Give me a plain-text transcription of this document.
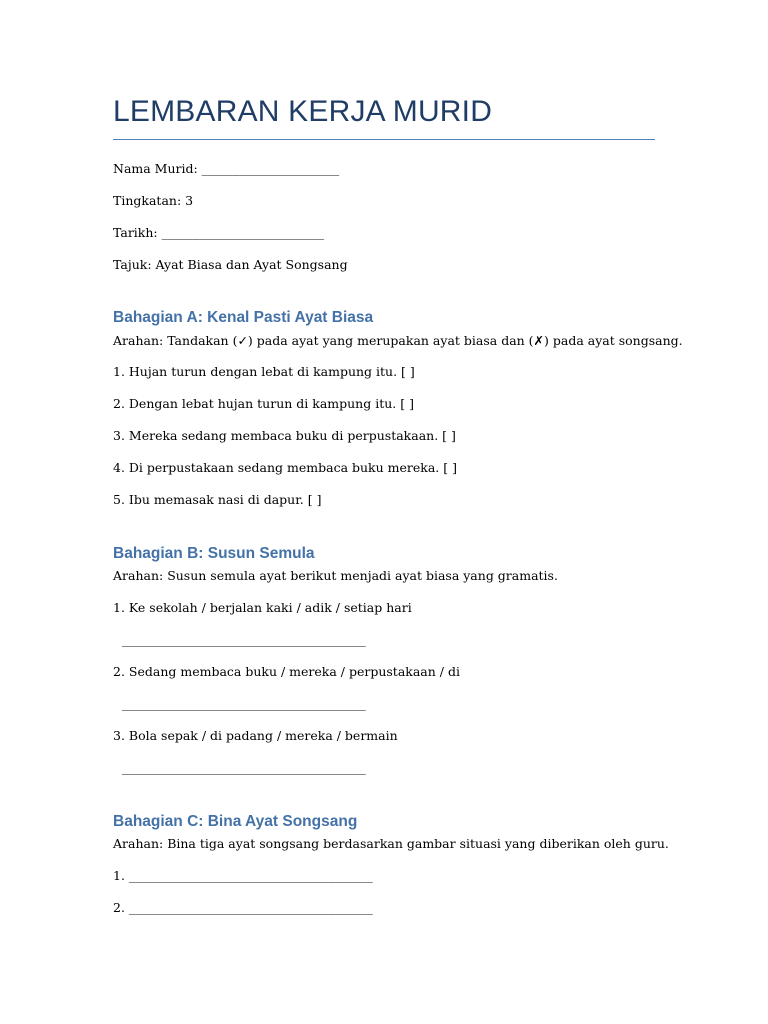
LEMBARAN KERJA MURID
Nama Murid: ______________________
Tingkatan: 3
Tarikh: __________________________
Tajuk: Ayat Biasa dan Ayat Songsang
Bahagian A: Kenal Pasti Ayat Biasa
Arahan: Tandakan (✓) pada ayat yang merupakan ayat biasa dan (✗) pada ayat songsang.
1. Hujan turun dengan lebat di kampung itu. [ ]
2. Dengan lebat hujan turun di kampung itu. [ ]
3. Mereka sedang membaca buku di perpustakaan. [ ]
4. Di perpustakaan sedang membaca buku mereka. [ ]
5. Ibu memasak nasi di dapur. [ ]
Bahagian B: Susun Semula
Arahan: Susun semula ayat berikut menjadi ayat biasa yang gramatis.
1. Ke sekolah / berjalan kaki / adik / setiap hari
_______________________________________
2. Sedang membaca buku / mereka / perpustakaan / di
_______________________________________
3. Bola sepak / di padang / mereka / bermain
_______________________________________
Bahagian C: Bina Ayat Songsang
Arahan: Bina tiga ayat songsang berdasarkan gambar situasi yang diberikan oleh guru.
1. _______________________________________
2. _______________________________________
